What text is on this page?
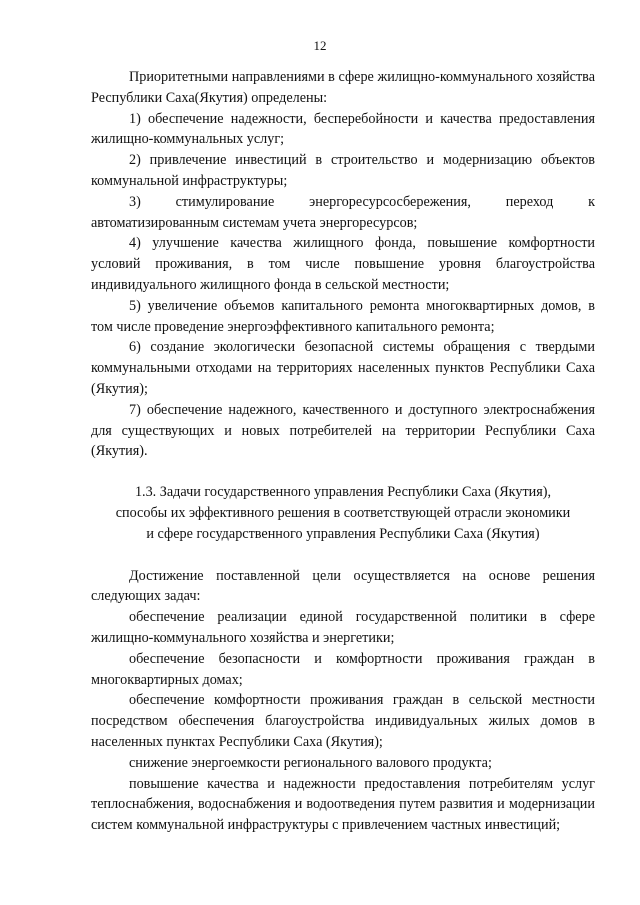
12

Приоритетными направлениями в сфере жилищно-коммунального хозяйства Республики Саха(Якутия) определены:

1) обеспечение надежности, бесперебойности и качества предоставления жилищно-коммунальных услуг;

2) привлечение инвестиций в строительство и модернизацию объектов коммунальной инфраструктуры;

3) стимулирование энергоресурсосбережения, переход к автоматизированным системам учета энергоресурсов;

4) улучшение качества жилищного фонда, повышение комфортности условий проживания, в том числе повышение уровня благоустройства индивидуального жилищного фонда в сельской местности;

5) увеличение объемов капитального ремонта многоквартирных домов, в том числе проведение энергоэффективного капитального ремонта;

6) создание экологически безопасной системы обращения с твердыми коммунальными отходами на территориях населенных пунктов Республики Саха (Якутия);

7) обеспечение надежного, качественного и доступного электроснабжения для существующих и новых потребителей на территории Республики Саха (Якутия).

1.3. Задачи государственного управления Республики Саха (Якутия),
способы их эффективного решения в соответствующей отрасли экономики
и сфере государственного управления Республики Саха (Якутия)

Достижение поставленной цели осуществляется на основе решения следующих задач:

обеспечение реализации единой государственной политики в сфере жилищно-коммунального хозяйства и энергетики;

обеспечение безопасности и комфортности проживания граждан в многоквартирных домах;

обеспечение комфортности проживания граждан в сельской местности посредством обеспечения благоустройства индивидуальных жилых домов в населенных пунктах Республики Саха (Якутия);

снижение энергоемкости регионального валового продукта;

повышение качества и надежности предоставления потребителям услуг теплоснабжения, водоснабжения и водоотведения путем развития и модернизации систем коммунальной инфраструктуры с привлечением частных инвестиций;
